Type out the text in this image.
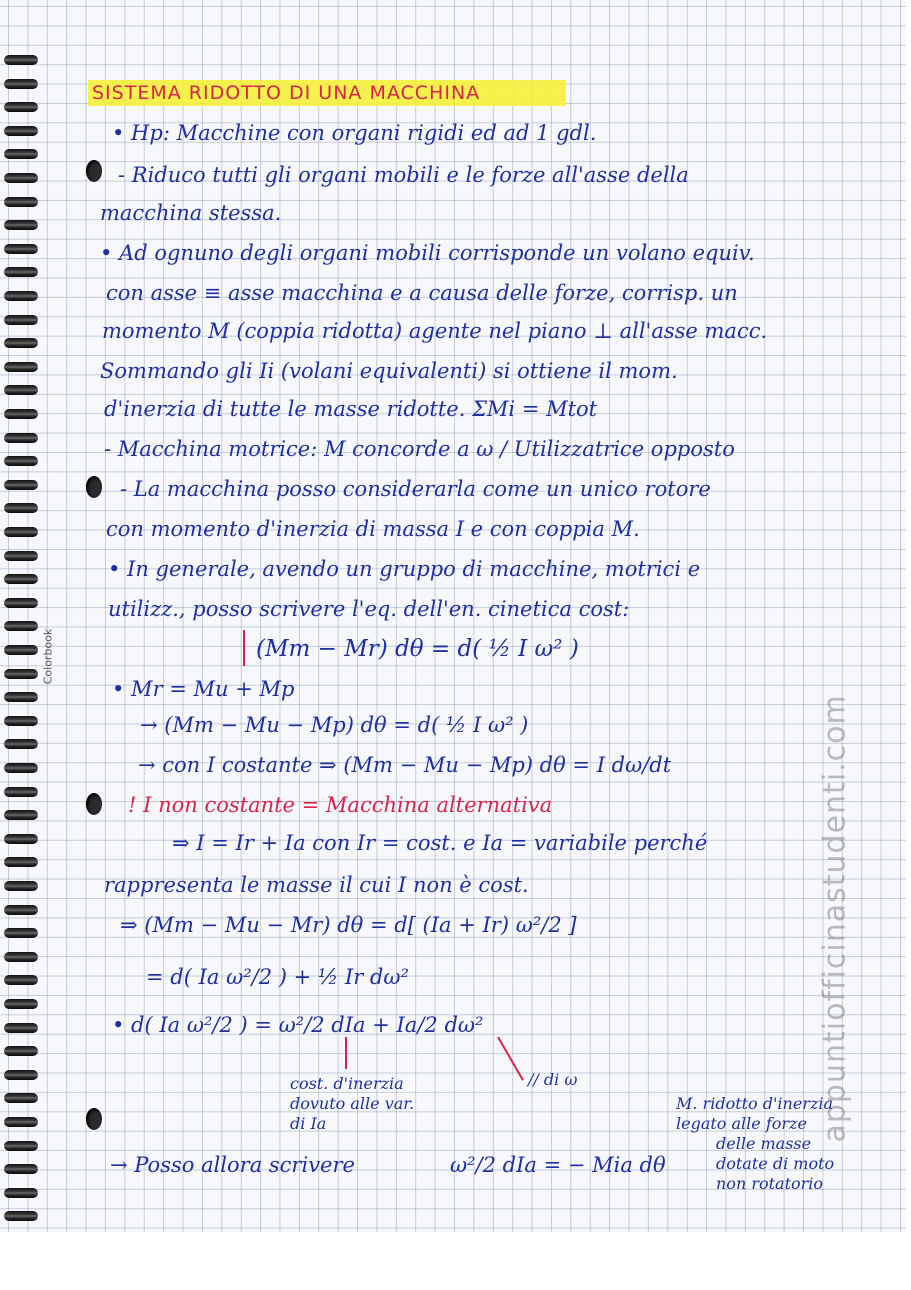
SISTEMA RIDOTTO DI UNA MACCHINA
• Hp: Macchine con organi rigidi ed ad 1 gdl.
- Riduco tutti gli organi mobili e le forze all'asse della
macchina stessa.
• Ad ognuno degli organi mobili corrisponde un volano equiv.
con asse ≡ asse macchina e a causa delle forze, corrisp. un
momento M (coppia ridotta) agente nel piano ⊥ all'asse macc.
Sommando gli Ii (volani equivalenti) si ottiene il mom.
d'inerzia di tutte le masse ridotte. ΣMi = Mtot
- Macchina motrice: M concorde a ω / Utilizzatrice opposto
- La macchina posso considerarla come un unico rotore
con momento d'inerzia di massa I e con coppia M.
• In generale, avendo un gruppo di macchine, motrici e
utilizz., posso scrivere l'eq. dell'en. cinetica cost:
(Mm − Mr) dθ = d( ½ I ω² )
• Mr = Mu + Mp
→ (Mm − Mu − Mp) dθ = d( ½ I ω² )
→ con I costante ⇒ (Mm − Mu − Mp) dθ = I dω/dt
! I non costante = Macchina alternativa
⇒ I = Ir + Ia con Ir = cost. e Ia = variabile perché
rappresenta le masse il cui I non è cost.
⇒ (Mm − Mu − Mr) dθ = d[ (Ia + Ir) ω²/2 ]
= d( Ia ω²/2 ) + ½ Ir dω²
• d( Ia ω²/2 ) = ω²/2 dIa + Ia/2 dω²
cost. d'inerzia
dovuto alle var.
di Ia
// di ω
M. ridotto d'inerzia
legato alle forze
delle masse
dotate di moto
non rotatorio
→ Posso allora scrivere	ω²/2 dIa = − Mia dθ
Colorbook
appuntiofficinastudenti.com
